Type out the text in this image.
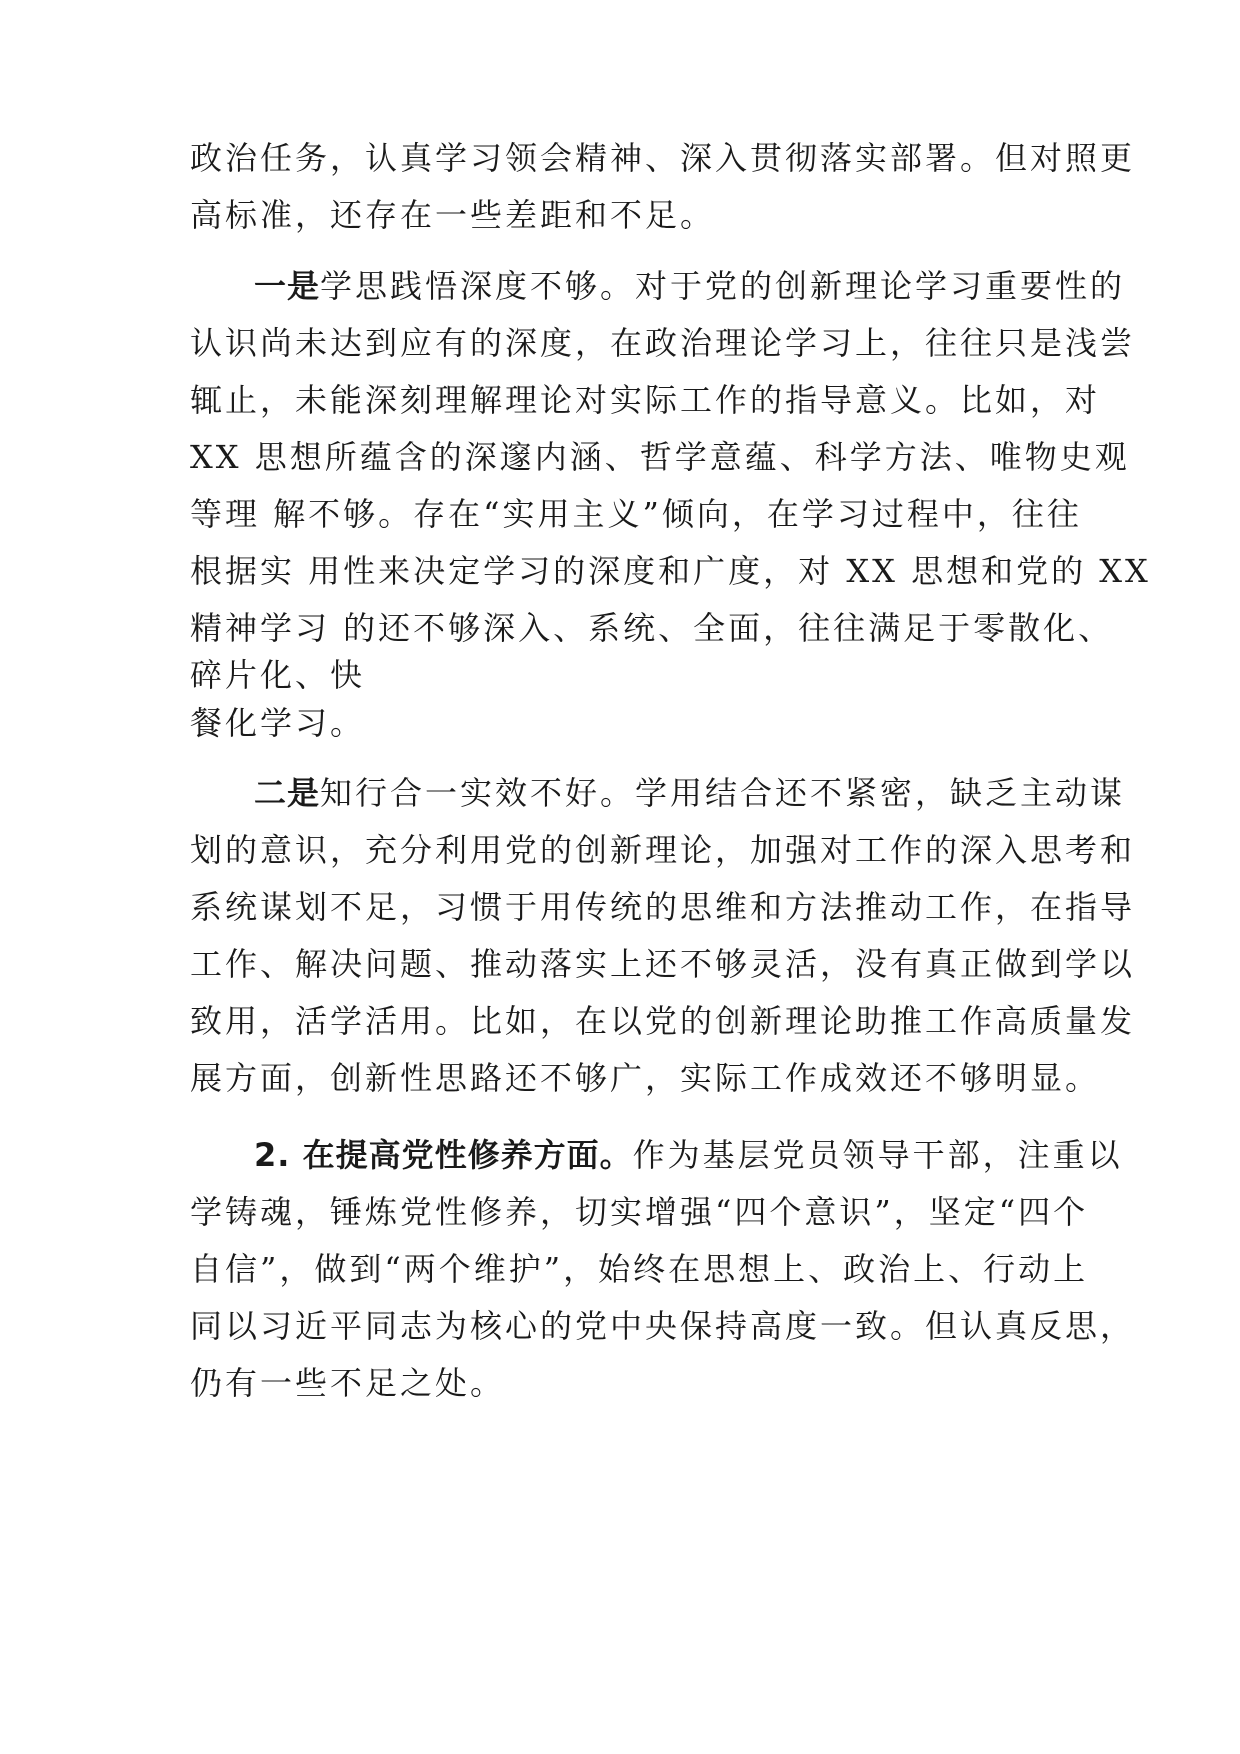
政治任务，认真学习领会精神、深入贯彻落实部署。但对照更
高标准，还存在一些差距和不足。
一是学思践悟深度不够。对于党的创新理论学习重要性的
认识尚未达到应有的深度，在政治理论学习上，往往只是浅尝
辄止，未能深刻理解理论对实际工作的指导意义。比如，对
XX 思想所蕴含的深邃内涵、哲学意蕴、科学方法、唯物史观
等理 解不够。存在“实用主义”倾向，在学习过程中，往往
根据实 用性来决定学习的深度和广度，对 XX 思想和党的 XX
精神学习 的还不够深入、系统、全面，往往满足于零散化、
碎片化、快
餐化学习。
二是知行合一实效不好。学用结合还不紧密，缺乏主动谋
划的意识，充分利用党的创新理论，加强对工作的深入思考和
系统谋划不足，习惯于用传统的思维和方法推动工作，在指导
工作、解决问题、推动落实上还不够灵活，没有真正做到学以
致用，活学活用。比如，在以党的创新理论助推工作高质量发
展方面，创新性思路还不够广，实际工作成效还不够明显。
2. 在提高党性修养方面。作为基层党员领导干部，注重以
学铸魂，锤炼党性修养，切实增强“四个意识”，坚定“四个
自信”，做到“两个维护”，始终在思想上、政治上、行动上
同以习近平同志为核心的党中央保持高度一致。但认真反思，
仍有一些不足之处。
